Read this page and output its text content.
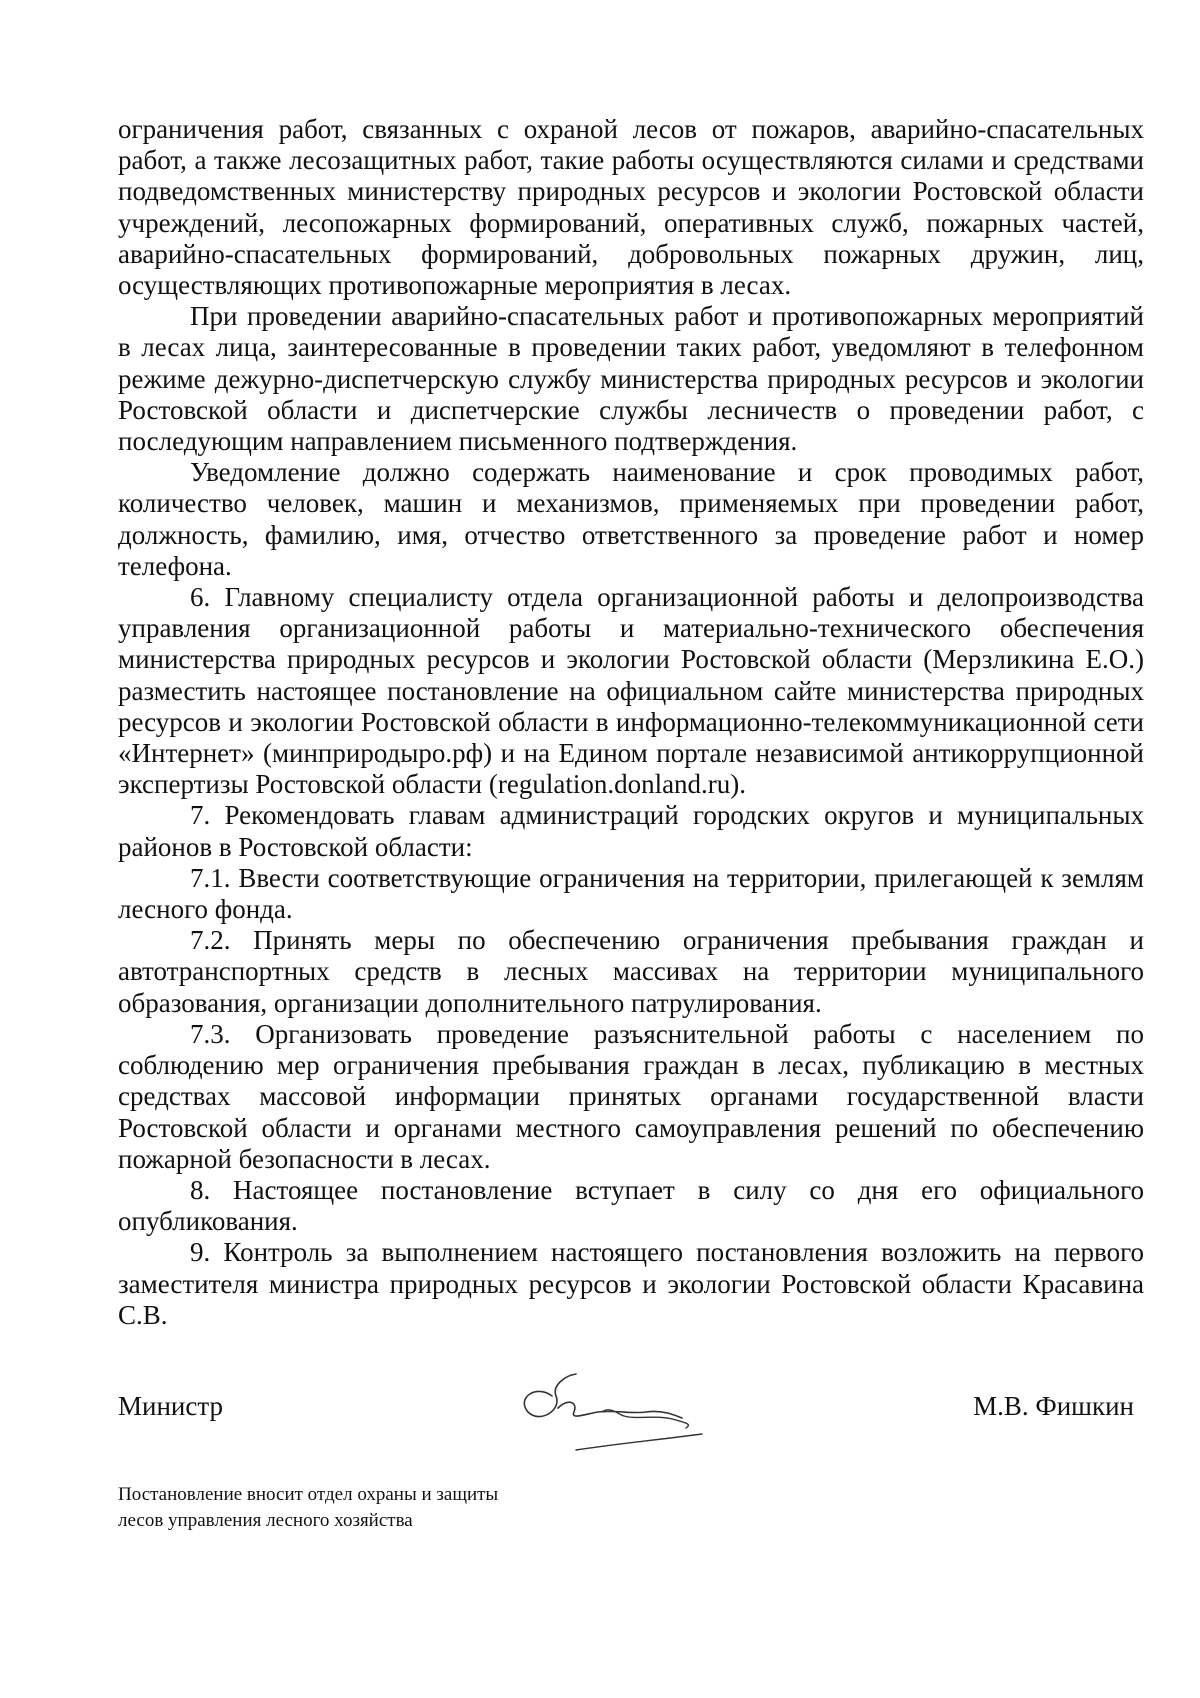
ограничения работ, связанных с охраной лесов от пожаров, аварийно-спасательных работ, а также лесозащитных работ, такие работы осуществляются силами и средствами подведомственных министерству природных ресурсов и экологии Ростовской области учреждений, лесопожарных формирований, оперативных служб, пожарных частей, аварийно-спасательных формирований, добровольных пожарных дружин, лиц, осуществляющих противопожарные мероприятия в лесах.

При проведении аварийно-спасательных работ и противопожарных мероприятий в лесах лица, заинтересованные в проведении таких работ, уведомляют в телефонном режиме дежурно-диспетчерскую службу министерства природных ресурсов и экологии Ростовской области и диспетчерские службы лесничеств о проведении работ, с последующим направлением письменного подтверждения.

Уведомление должно содержать наименование и срок проводимых работ, количество человек, машин и механизмов, применяемых при проведении работ, должность, фамилию, имя, отчество ответственного за проведение работ и номер телефона.

6. Главному специалисту отдела организационной работы и делопроизводства управления организационной работы и материально-технического обеспечения министерства природных ресурсов и экологии Ростовской области (Мерзликина Е.О.) разместить настоящее постановление на официальном сайте министерства природных ресурсов и экологии Ростовской области в информационно-телекоммуникационной сети «Интернет» (минприродыро.рф) и на Едином портале независимой антикоррупционной экспертизы Ростовской области (regulation.donland.ru).

7. Рекомендовать главам администраций городских округов и муниципальных районов в Ростовской области:

7.1. Ввести соответствующие ограничения на территории, прилегающей к землям лесного фонда.

7.2. Принять меры по обеспечению ограничения пребывания граждан и автотранспортных средств в лесных массивах на территории муниципального образования, организации дополнительного патрулирования.

7.3. Организовать проведение разъяснительной работы с населением по соблюдению мер ограничения пребывания граждан в лесах, публикацию в местных средствах массовой информации принятых органами государственной власти Ростовской области и органами местного самоуправления решений по обеспечению пожарной безопасности в лесах.

8. Настоящее постановление вступает в силу со дня его официального опубликования.

9. Контроль за выполнением настоящего постановления возложить на первого заместителя министра природных ресурсов и экологии Ростовской области Красавина С.В.

Министр	М.В. Фишкин
Постановление вносит отдел охраны и защиты
лесов управления лесного хозяйства
